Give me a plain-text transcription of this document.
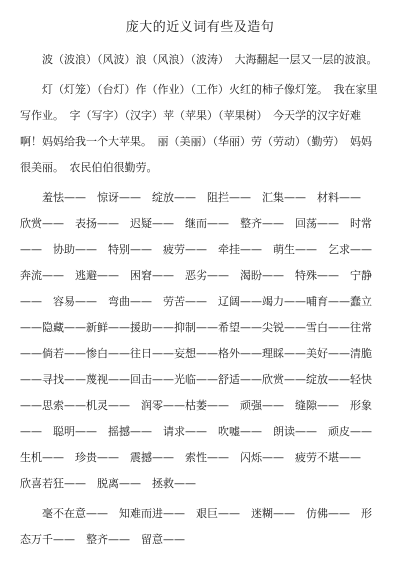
庞大的近义词有些及造句

　　波（波浪）（风波）浪（风浪）（波涛）　大海翻起一层又一层的波浪。

　　灯（灯笼）（台灯）作（作业）（工作）火红的柿子像灯笼。　我在家里写作业。　字（写字）（汉字）苹（苹果）（苹果树）　今天学的汉字好难啊！妈妈给我一个大苹果。　丽（美丽）（华丽）劳（劳动）（勤劳）　妈妈很美丽。　农民伯伯很勤劳。

　　羞怯——　惊讶——　绽放——　阻拦——　汇集——　材料——　欣赏——　表扬——　迟疑——　继而——　整齐——　回荡——　时常——　协助——　特别——　疲劳——　牵挂——　萌生——　乞求——　奔流——　逃避——　困窘——　恶劣——　渴盼——　特殊——　宁静——　容易——　弯曲——　劳苦——　辽阔——竭力——哺育——蠢立——隐藏——新鲜——援助——抑制——希望——尖锐——雪白——往常——倘若——惨白——往日——妄想——格外——理睬——美好——清脆——寻找——蔑视——回击——光临——舒适——欣赏——绽放——轻快——思索——机灵——　润零——枯萎——　顽强——　缝隙——　形象——　聪明——　摇撼——　请求——　吹嘘——　朗读——　顽皮——　生机——　珍贵——　震撼——　索性——　闪烁——　疲劳不堪——　欣喜若狂——　脱离——　拯救——

　　毫不在意——　知难而进——　艰巨——　迷糊——　仿佛——　形态万千——　整齐——　留意——
